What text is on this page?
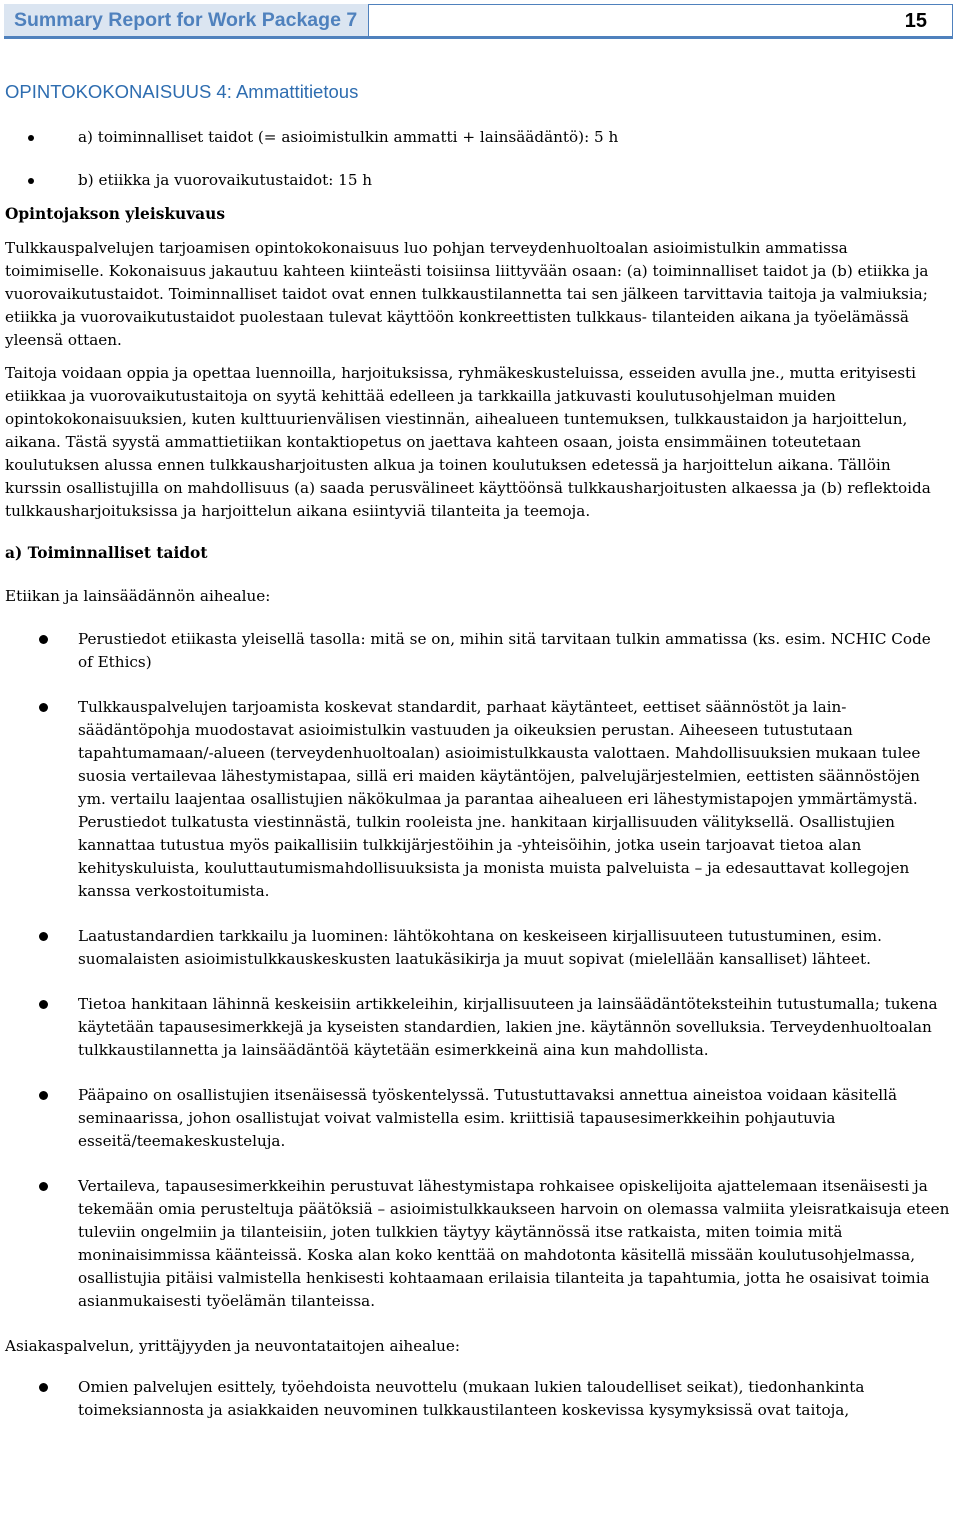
Summary Report for Work Package 7	15
OPINTOKOKONAISUUS 4: Ammattitietous
a) toiminnalliset taidot (= asioimistulkin ammatti + lainsäädäntö): 5 h
b) etiikka ja vuorovaikutustaidot: 15 h
Opintojakson yleiskuvaus

Tulkkauspalvelujen tarjoamisen opintokokonaisuus luo pohjan terveydenhuoltoalan asioimistulkin ammatissa toimimiselle. Kokonaisuus jakautuu kahteen kiinteästi toisiinsa liittyvään osaan: (a) toiminnalliset taidot ja (b) etiikka ja vuorovaikutustaidot. Toiminnalliset taidot ovat ennen tulkkaustilannetta tai sen jälkeen tarvittavia taitoja ja valmiuksia; etiikka ja vuorovaikutustaidot puolestaan tulevat käyttöön konkreettisten tulkkaus- tilanteiden aikana ja työelämässä yleensä ottaen.

Taitoja voidaan oppia ja opettaa luennoilla, harjoituksissa, ryhmäkeskusteluissa, esseiden avulla jne., mutta erityisesti etiikkaa ja vuorovaikutustaitoja on syytä kehittää edelleen ja tarkkailla jatkuvasti koulutusohjelman muiden opintokokonaisuuksien, kuten kulttuurienvälisen viestinnän, aihealueen tuntemuksen, tulkkaustaidon ja harjoittelun, aikana. Tästä syystä ammattietiikan kontaktiopetus on jaettava kahteen osaan, joista ensimmäinen toteutetaan koulutuksen alussa ennen tulkkausharjoitusten alkua ja toinen koulutuksen edetessä ja harjoittelun aikana. Tällöin kurssin osallistujilla on mahdollisuus (a) saada perusvälineet käyttöönsä tulkkausharjoitusten alkaessa ja (b) reflektoida tulkkausharjoituksissa ja harjoittelun aikana esiintyviä tilanteita ja teemoja.

a) Toiminnalliset taidot
Etiikan ja lainsäädännön aihealue:
Perustiedot etiikasta yleisellä tasolla: mitä se on, mihin sitä tarvitaan tulkin ammatissa (ks. esim. NCHIC Code of Ethics)
Tulkkauspalvelujen tarjoamista koskevat standardit, parhaat käytänteet, eettiset säännöstöt ja lain- säädäntöpohja muodostavat asioimistulkin vastuuden ja oikeuksien perustan. Aiheeseen tutustutaan tapahtumamaan/-alueen (terveydenhuoltoalan) asioimistulkkausta valottaen. Mahdollisuuksien mukaan tulee suosia vertailevaa lähestymistapaa, sillä eri maiden käytäntöjen, palvelujärjestelmien, eettisten säännöstöjen ym. vertailu laajentaa osallistujien näkökulmaa ja parantaa aihealueen eri lähestymistapojen ymmärtämystä. Perustiedot tulkatusta viestinnästä, tulkin rooleista jne. hankitaan kirjallisuuden välityksellä. Osallistujien kannattaa tutustua myös paikallisiin tulkkijärjestöihin ja -yhteisöihin, jotka usein tarjoavat tietoa alan kehityskuluista, kouluttautumismahdollisuuksista ja monista muista palveluista – ja edesauttavat kollegojen kanssa verkostoitumista.
Laatustandardien tarkkailu ja luominen: lähtökohtana on keskeiseen kirjallisuuteen tutustuminen, esim. suomalaisten asioimistulkkauskeskusten laatukäsikirja ja muut sopivat (mielellään kansalliset) lähteet.
Tietoa hankitaan lähinnä keskeisiin artikkeleihin, kirjallisuuteen ja lainsäädäntöteksteihin tutustumalla; tukena käytetään tapausesimerkkejä ja kyseisten standardien, lakien jne. käytännön sovelluksia. Terveydenhuoltoalan tulkkaustilannetta ja lainsäädäntöä käytetään esimerkkeinä aina kun mahdollista.
Pääpaino on osallistujien itsenäisessä työskentelyssä. Tutustuttavaksi annettua aineistoa voidaan käsitellä seminaarissa, johon osallistujat voivat valmistella esim. kriittisiä tapausesimerkkeihin pohjautuvia esseitä/teemakeskusteluja.
Vertaileva, tapausesimerkkeihin perustuvat lähestymistapa rohkaisee opiskelijoita ajattelemaan itsenäisesti ja tekemään omia perusteltuja päätöksiä – asioimistulkkaukseen harvoin on olemassa valmiita yleisratkaisuja eteen tuleviin ongelmiin ja tilanteisiin, joten tulkkien täytyy käytännössä itse ratkaista, miten toimia mitä moninaisimmissa käänteissä. Koska alan koko kenttää on mahdotonta käsitellä missään koulutusohjelmassa, osallistujia pitäisi valmistella henkisesti kohtaamaan erilaisia tilanteita ja tapahtumia, jotta he osaisivat toimia asianmukaisesti työelämän tilanteissa.
Asiakaspalvelun, yrittäjyyden ja neuvontataitojen aihealue:
Omien palvelujen esittely, työehdoista neuvottelu (mukaan lukien taloudelliset seikat), tiedonhankinta toimeksiannosta ja asiakkaiden neuvominen tulkkaustilanteen koskevissa kysymyksissä ovat taitoja,
